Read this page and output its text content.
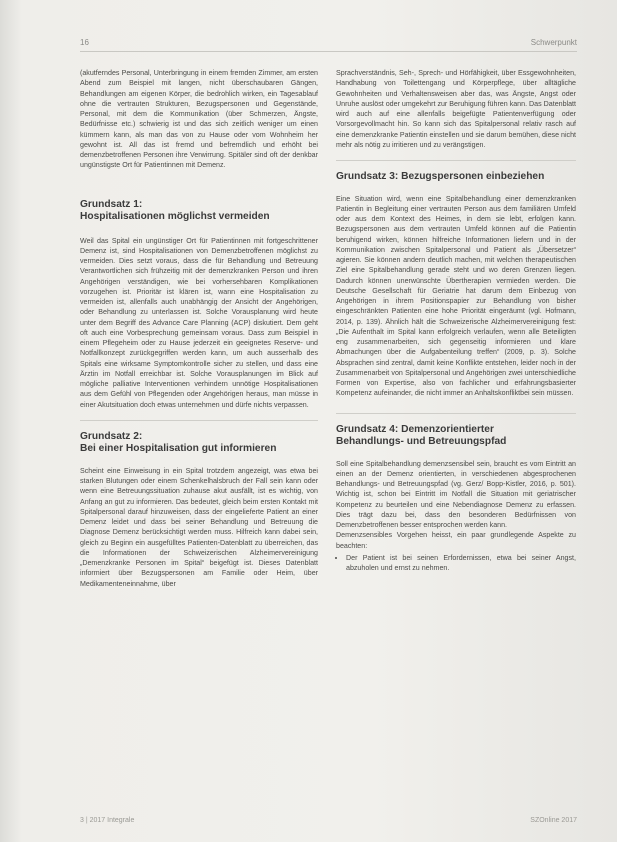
16	Schwerpunkt

(akutferndes Personal, Unterbringung in einem fremden Zimmer, am ersten Abend zum Beispiel mit langen, nicht überschaubaren Gängen, Behandlungen am eigenen Körper, die bedrohlich wirken, ein Tagesablauf ohne die vertrauten Strukturen, Bezugspersonen und Gegenstände, Personal, mit dem die Kommunikation (über Schmerzen, Ängste, Bedürfnisse etc.) schwierig ist und das sich zeitlich weniger um einen kümmern kann, als man das von zu Hause oder vom Wohnheim her gewohnt ist. All das ist fremd und befremdlich und erhöht bei demenzbetroffenen Personen ihre Verwirrung. Spitäler sind oft der denkbar ungünstigste Ort für Patientinnen mit Demenz.

Grundsatz 1:
Hospitalisationen möglichst vermeiden

Weil das Spital ein ungünstiger Ort für Patientinnen mit fortgeschrittener Demenz ist, sind Hospitalisationen von Demenzbetroffenen möglichst zu vermeiden. Dies setzt voraus, dass die für Behandlung und Betreuung Verantwortlichen sich frühzeitig mit der demenzkranken Person und ihren Angehörigen verständigen, wie bei vorhersehbaren Komplikationen vorzugehen ist. Prioritär ist klären ist, wann eine Hospitalisation zu vermeiden ist, allenfalls auch unabhängig der Ansicht der Angehörigen, oder Behandlung zu unterlassen ist. Solche Vorausplanung wird heute unter dem Begriff des Advance Care Planning (ACP) diskutiert. Dem geht oft auch eine Vorbesprechung gemeinsam voraus. Dass zum Beispiel in einem Pflegeheim oder zu Hause jederzeit ein geeignetes Reserve- und Notfallkonzept zurückgegriffen werden kann, um auch ausserhalb des Spitals eine wirksame Symptomkontrolle sicher zu stellen, und dass eine Ärztin im Notfall erreichbar ist. Solche Vorausplanungen im Blick auf mögliche palliative Interventionen verhindern unnötige Hospitalisationen aus dem Gefühl von Pflegenden oder Angehörigen heraus, man müsse in einer Akutsituation doch etwas unternehmen und dürfe nichts verpassen.

Grundsatz 2:
Bei einer Hospitalisation gut informieren

Scheint eine Einweisung in ein Spital trotzdem angezeigt, was etwa bei starken Blutungen oder einem Schenkelhalsbruch der Fall sein kann oder wenn eine Betreuungssituation zuhause akut ausfällt, ist es wichtig, von Anfang an gut zu informieren. Das bedeutet, gleich beim ersten Kontakt mit Spitalpersonal darauf hinzuweisen, dass der eingelieferte Patient an einer Demenz leidet und dass bei seiner Behandlung und Betreuung die Diagnose Demenz berücksichtigt werden muss. Hilfreich kann dabei sein, gleich zu Beginn ein ausgefülltes Patienten-Datenblatt zu überreichen, das die Informationen der Schweizerischen Alzheimervereinigung „Demenzkranke Personen im Spital“ beigefügt ist. Dieses Datenblatt informiert über Bezugspersonen am Familie oder Heim, über Medikamenteneinnahme, über

Sprachverständnis, Seh-, Sprech- und Hörfähigkeit, über Essgewohnheiten, Handhabung von Toilettengang und Körperpflege, über alltägliche Gewohnheiten und Verhaltensweisen aber das, was Ängste, Angst oder Unruhe auslöst oder umgekehrt zur Beruhigung führen kann. Das Datenblatt wird auch auf eine allenfalls beigefügte Patientenverfügung oder Vorsorgevollmacht hin. So kann sich das Spitalpersonal relativ rasch auf eine demenzkranke Patientin einstellen und sie darum bemühen, diese nicht mehr als nötig zu irritieren und zu verängstigen.

Grundsatz 3: Bezugspersonen einbeziehen

Eine Situation wird, wenn eine Spitalbehandlung einer demenzkranken Patientin in Begleitung einer vertrauten Person aus dem familiären Umfeld oder aus dem Kontext des Heimes, in dem sie lebt, erfolgen kann. Bezugspersonen aus dem vertrauten Umfeld können auf die Patientin beruhigend wirken, können hilfreiche Informationen liefern und in der Kommunikation zwischen Spitalpersonal und Patient als „Übersetzer“ agieren. Sie können andern deutlich machen, mit welchen therapeutischen Ziel eine Spitalbehandlung gerade steht und wo deren Grenzen liegen. Dadurch können unerwünschte Übertherapien vermieden werden. Die Deutsche Gesellschaft für Geriatrie hat darum dem Einbezug von Angehörigen in ihrem Positionspapier zur Behandlung von bisher eingeschränkten Patienten eine hohe Priorität eingeräumt (vgl. Hofmann, 2014, p. 139). Ähnlich hält die Schweizerische Alzheimervereinigung fest: „Die Aufenthalt im Spital kann erfolgreich verlaufen, wenn alle Beteiligten eng zusammenarbeiten, sich gegenseitig informieren und klare Abmachungen über die Aufgabenteilung treffen“ (2009, p. 3). Solche Absprachen sind zentral, damit keine Konflikte entstehen, leider noch in der Zusammenarbeit von Spitalpersonal und Angehörigen zwei unterschiedliche Formen von Expertise, also von fachlicher und erfahrungsbasierter Kompetenz aufeinander, die nicht immer an Anhaltskonfliktbei sein müssen.

Grundsatz 4: Demenzorientierter
Behandlungs- und Betreuungspfad

Soll eine Spitalbehandlung demenzsensibel sein, braucht es vom Eintritt an einen an der Demenz orientierten, in verschiedenen abgesprochenen Behandlungs- und Betreuungspfad (vg. Gerz/ Bopp-Kistler, 2016, p. 501). Wichtig ist, schon bei Eintritt im Notfall die Situation mit geriatrischer Kompetenz zu beurteilen und eine Nebendiagnose Demenz zu erfassen. Dies trägt dazu bei, dass den besonderen Bedürfnissen von Demenzbetroffenen besser entsprochen werden kann.

Demenzsensibles Vorgehen heisst, ein paar grundlegende Aspekte zu beachten:

• Der Patient ist bei seinen Erfordernissen, etwa bei seiner Angst, abzuholen und ernst zu nehmen.
3 | 2017 Integrale	SZOnline 2017
